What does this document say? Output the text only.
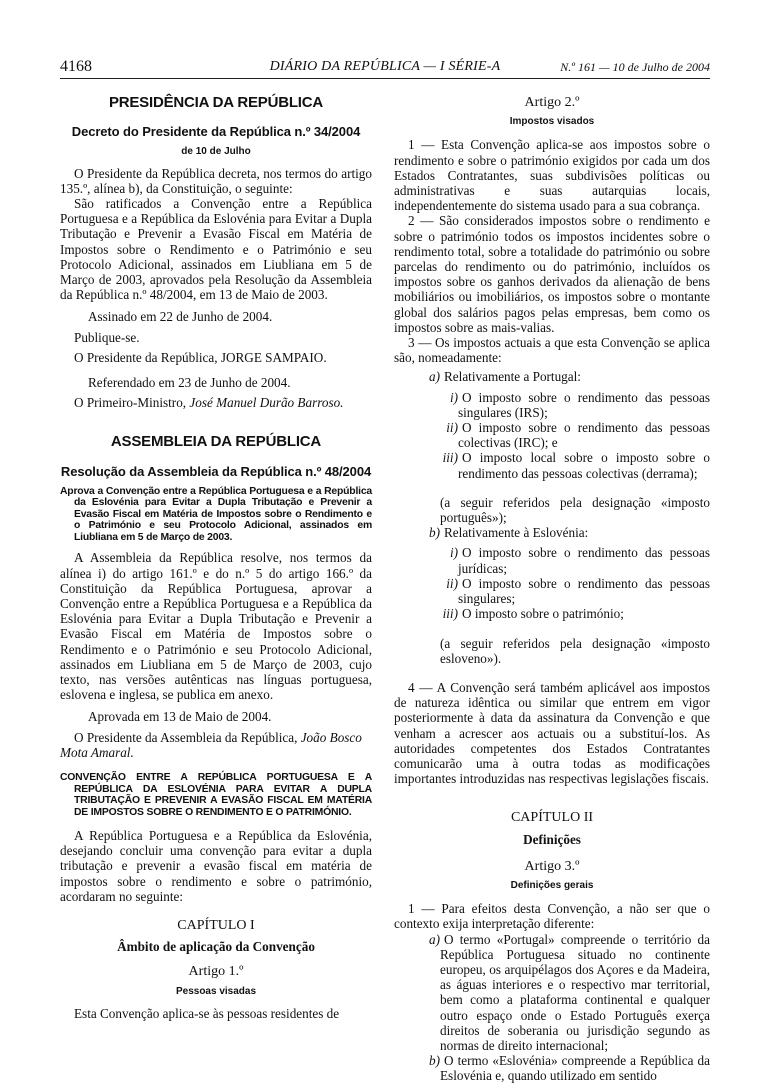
4168	DIÁRIO DA REPÚBLICA — I SÉRIE-A	N.º 161 — 10 de Julho de 2004

PRESIDÊNCIA DA REPÚBLICA

Decreto do Presidente da República n.º 34/2004

de 10 de Julho

O Presidente da República decreta, nos termos do artigo 135.º, alínea b), da Constituição, o seguinte:

São ratificados a Convenção entre a República Portuguesa e a República da Eslovénia para Evitar a Dupla Tributação e Prevenir a Evasão Fiscal em Matéria de Impostos sobre o Rendimento e o Património e seu Protocolo Adicional, assinados em Liubliana em 5 de Março de 2003, aprovados pela Resolução da Assembleia da República n.º 48/2004, em 13 de Maio de 2003.

Assinado em 22 de Junho de 2004.

Publique-se.

O Presidente da República, JORGE SAMPAIO.

Referendado em 23 de Junho de 2004.

O Primeiro-Ministro, José Manuel Durão Barroso.

ASSEMBLEIA DA REPÚBLICA

Resolução da Assembleia da República n.º 48/2004

Aprova a Convenção entre a República Portuguesa e a República da Eslovénia para Evitar a Dupla Tributação e Prevenir a Evasão Fiscal em Matéria de Impostos sobre o Rendimento e o Património e seu Protocolo Adicional, assinados em Liubliana em 5 de Março de 2003.

A Assembleia da República resolve, nos termos da alínea i) do artigo 161.º e do n.º 5 do artigo 166.º da Constituição da República Portuguesa, aprovar a Convenção entre a República Portuguesa e a República da Eslovénia para Evitar a Dupla Tributação e Prevenir a Evasão Fiscal em Matéria de Impostos sobre o Rendimento e o Património e seu Protocolo Adicional, assinados em Liubliana em 5 de Março de 2003, cujo texto, nas versões autênticas nas línguas portuguesa, eslovena e inglesa, se publica em anexo.

Aprovada em 13 de Maio de 2004.

O Presidente da Assembleia da República, João Bosco Mota Amaral.

CONVENÇÃO ENTRE A REPÚBLICA PORTUGUESA E A REPÚBLICA DA ESLOVÉNIA PARA EVITAR A DUPLA TRIBUTAÇÃO E PREVENIR A EVASÃO FISCAL EM MATÉRIA DE IMPOSTOS SOBRE O RENDIMENTO E O PATRIMÓNIO.

A República Portuguesa e a República da Eslovénia, desejando concluir uma convenção para evitar a dupla tributação e prevenir a evasão fiscal em matéria de impostos sobre o rendimento e sobre o património, acordaram no seguinte:

CAPÍTULO I

Âmbito de aplicação da Convenção

Artigo 1.º

Pessoas visadas

Esta Convenção aplica-se às pessoas residentes de

Artigo 2.º

Impostos visados

1 — Esta Convenção aplica-se aos impostos sobre o rendimento e sobre o património exigidos por cada um dos Estados Contratantes, suas subdivisões políticas ou administrativas e suas autarquias locais, independentemente do sistema usado para a sua cobrança.

2 — São considerados impostos sobre o rendimento e sobre o património todos os impostos incidentes sobre o rendimento total, sobre a totalidade do património ou sobre parcelas do rendimento ou do património, incluídos os impostos sobre os ganhos derivados da alienação de bens mobiliários ou imobiliários, os impostos sobre o montante global dos salários pagos pelas empresas, bem como os impostos sobre as mais-valias.

3 — Os impostos actuais a que esta Convenção se aplica são, nomeadamente:

a) Relativamente a Portugal:

i) O imposto sobre o rendimento das pessoas singulares (IRS);

ii) O imposto sobre o rendimento das pessoas colectivas (IRC); e

iii) O imposto local sobre o imposto sobre o rendimento das pessoas colectivas (derrama);

(a seguir referidos pela designação «imposto português»);

b) Relativamente à Eslovénia:

i) O imposto sobre o rendimento das pessoas jurídicas;

ii) O imposto sobre o rendimento das pessoas singulares;

iii) O imposto sobre o património;

(a seguir referidos pela designação «imposto esloveno»).

4 — A Convenção será também aplicável aos impostos de natureza idêntica ou similar que entrem em vigor posteriormente à data da assinatura da Convenção e que venham a acrescer aos actuais ou a substituí-los. As autoridades competentes dos Estados Contratantes comunicarão uma à outra todas as modificações importantes introduzidas nas respectivas legislações fiscais.

CAPÍTULO II

Definições

Artigo 3.º

Definições gerais

1 — Para efeitos desta Convenção, a não ser que o contexto exija interpretação diferente:

a) O termo «Portugal» compreende o território da República Portuguesa situado no continente europeu, os arquipélagos dos Açores e da Madeira, as águas interiores e o respectivo mar territorial, bem como a plataforma continental e qualquer outro espaço onde o Estado Português exerça direitos de soberania ou jurisdição segundo as normas de direito internacional;

b) O termo «Eslovénia» compreende a República da Eslovénia e, quando utilizado em sentido
